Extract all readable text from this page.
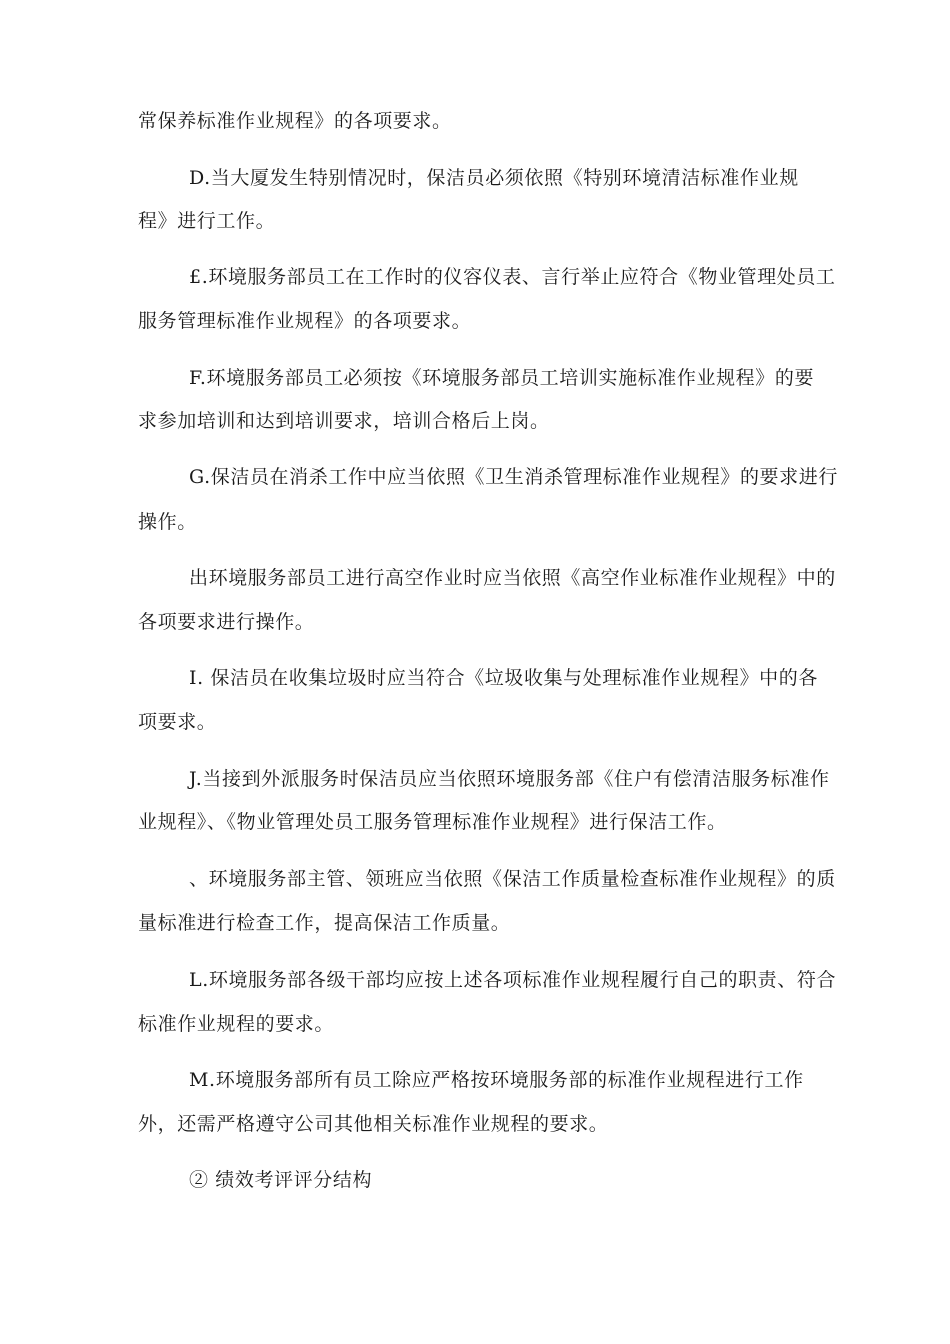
常保养标准作业规程》的各项要求。
D.当大厦发生特别情况时，保洁员必须依照《特别环境清洁标准作业规
程》进行工作。
£.环境服务部员工在工作时的仪容仪表、言行举止应符合《物业管理处员工
服务管理标准作业规程》的各项要求。
F.环境服务部员工必须按《环境服务部员工培训实施标准作业规程》的要
求参加培训和达到培训要求，培训合格后上岗。
G.保洁员在消杀工作中应当依照《卫生消杀管理标准作业规程》的要求进行
操作。
出环境服务部员工进行高空作业时应当依照《高空作业标准作业规程》中的
各项要求进行操作。
I. 保洁员在收集垃圾时应当符合《垃圾收集与处理标准作业规程》中的各
项要求。
J.当接到外派服务时保洁员应当依照环境服务部《住户有偿清洁服务标准作
业规程》、《物业管理处员工服务管理标准作业规程》进行保洁工作。
、环境服务部主管、领班应当依照《保洁工作质量检查标准作业规程》的质
量标准进行检查工作，提高保洁工作质量。
L.环境服务部各级干部均应按上述各项标准作业规程履行自己的职责、符合
标准作业规程的要求。
M.环境服务部所有员工除应严格按环境服务部的标准作业规程进行工作
外，还需严格遵守公司其他相关标准作业规程的要求。
② 绩效考评评分结构
